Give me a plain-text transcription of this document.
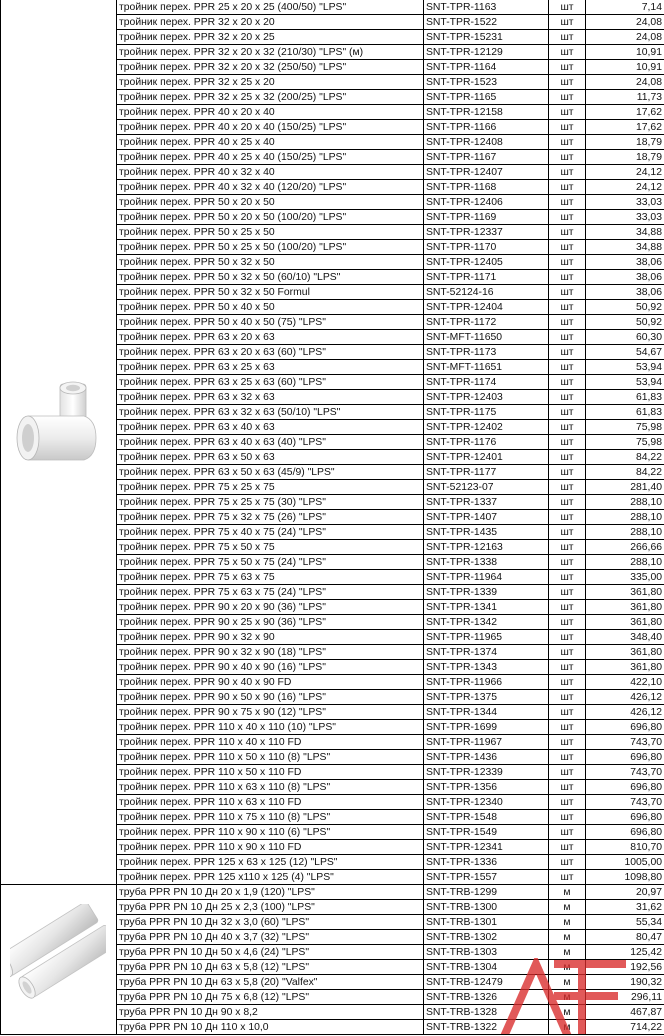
	тройник перех. PPR 25 x 20 x 25 (400/50) "LPS"	SNT-TPR-1163	шт	7,14
	тройник перех. PPR 32 x 20 x 20	SNT-TPR-1522	шт	24,08
	тройник перех. PPR 32 x 20 x 25	SNT-TPR-15231	шт	24,08
	тройник перех. PPR 32 x 20 x 32 (210/30) "LPS" (м)	SNT-TPR-12129	шт	10,91
	тройник перех. PPR 32 x 20 x 32 (250/50) "LPS"	SNT-TPR-1164	шт	10,91
	тройник перех. PPR 32 x 25 x 20	SNT-TPR-1523	шт	24,08
	тройник перех. PPR 32 x 25 x 32 (200/25) "LPS"	SNT-TPR-1165	шт	11,73
	тройник перех. PPR 40 x 20 x 40	SNT-TPR-12158	шт	17,62
	тройник перех. PPR 40 x 20 x 40 (150/25) "LPS"	SNT-TPR-1166	шт	17,62
	тройник перех. PPR 40 x 25 x 40	SNT-TPR-12408	шт	18,79
	тройник перех. PPR 40 x 25 x 40 (150/25) "LPS"	SNT-TPR-1167	шт	18,79
	тройник перех. PPR 40 x 32 x 40	SNT-TPR-12407	шт	24,12
	тройник перех. PPR 40 x 32 x 40 (120/20) "LPS"	SNT-TPR-1168	шт	24,12
	тройник перех. PPR 50 x 20 x 50	SNT-TPR-12406	шт	33,03
	тройник перех. PPR 50 x 20 x 50 (100/20) "LPS"	SNT-TPR-1169	шт	33,03
	тройник перех. PPR 50 x 25 x 50	SNT-TPR-12337	шт	34,88
	тройник перех. PPR 50 x 25 x 50 (100/20) "LPS"	SNT-TPR-1170	шт	34,88
	тройник перех. PPR 50 x 32 x 50	SNT-TPR-12405	шт	38,06
	тройник перех. PPR 50 x 32 x 50 (60/10) "LPS"	SNT-TPR-1171	шт	38,06
	тройник перех. PPR 50 x 32 x 50 Formul	SNT-52124-16	шт	38,06
	тройник перех. PPR 50 x 40 x 50	SNT-TPR-12404	шт	50,92
	тройник перех. PPR 50 x 40 x 50 (75) "LPS"	SNT-TPR-1172	шт	50,92
	тройник перех. PPR 63 x 20 x 63	SNT-MFT-11650	шт	60,30
	тройник перех. PPR 63 x 20 x 63 (60) "LPS"	SNT-TPR-1173	шт	54,67
	тройник перех. PPR 63 x 25 x 63	SNT-MFT-11651	шт	53,94
	тройник перех. PPR 63 x 25 x 63 (60) "LPS"	SNT-TPR-1174	шт	53,94
	тройник перех. PPR 63 x 32 x 63	SNT-TPR-12403	шт	61,83
	тройник перех. PPR 63 x 32 x 63 (50/10) "LPS"	SNT-TPR-1175	шт	61,83
	тройник перех. PPR 63 x 40 x 63	SNT-TPR-12402	шт	75,98
	тройник перех. PPR 63 x 40 x 63 (40) "LPS"	SNT-TPR-1176	шт	75,98
	тройник перех. PPR 63 x 50 x 63	SNT-TPR-12401	шт	84,22
	тройник перех. PPR 63 x 50 x 63 (45/9) "LPS"	SNT-TPR-1177	шт	84,22
	тройник перех. PPR 75 x 25 x 75	SNT-52123-07	шт	281,40
	тройник перех. PPR 75 x 25 x 75 (30) "LPS"	SNT-TPR-1337	шт	288,10
	тройник перех. PPR 75 x 32 x 75 (26) "LPS"	SNT-TPR-1407	шт	288,10
	тройник перех. PPR 75 x 40 x 75 (24) "LPS"	SNT-TPR-1435	шт	288,10
	тройник перех. PPR 75 x 50 x 75	SNT-TPR-12163	шт	266,66
	тройник перех. PPR 75 x 50 x 75 (24) "LPS"	SNT-TPR-1338	шт	288,10
	тройник перех. PPR 75 x 63 x 75	SNT-TPR-11964	шт	335,00
	тройник перех. PPR 75 x 63 x 75 (24) "LPS"	SNT-TPR-1339	шт	361,80
	тройник перех. PPR 90 x 20 x 90 (36) "LPS"	SNT-TPR-1341	шт	361,80
	тройник перех. PPR 90 x 25 x 90 (36) "LPS"	SNT-TPR-1342	шт	361,80
	тройник перех. PPR 90 x 32 x 90	SNT-TPR-11965	шт	348,40
	тройник перех. PPR 90 x 32 x 90 (18) "LPS"	SNT-TPR-1374	шт	361,80
	тройник перех. PPR 90 x 40 x 90 (16) "LPS"	SNT-TPR-1343	шт	361,80
	тройник перех. PPR 90 x 40 x 90 FD	SNT-TPR-11966	шт	422,10
	тройник перех. PPR 90 x 50 x 90 (16) "LPS"	SNT-TPR-1375	шт	426,12
	тройник перех. PPR 90 x 75 x 90 (12) "LPS"	SNT-TPR-1344	шт	426,12
	тройник перех. PPR 110 x 40 x 110 (10) "LPS"	SNT-TPR-1699	шт	696,80
	тройник перех. PPR 110 x 40 x 110 FD	SNT-TPR-11967	шт	743,70
	тройник перех. PPR 110 x 50 x 110 (8) "LPS"	SNT-TPR-1436	шт	696,80
	тройник перех. PPR 110 x 50 x 110 FD	SNT-TPR-12339	шт	743,70
	тройник перех. PPR 110 x 63 x 110 (8) "LPS"	SNT-TPR-1356	шт	696,80
	тройник перех. PPR 110 x 63 x 110 FD	SNT-TPR-12340	шт	743,70
	тройник перех. PPR 110 x 75 x 110 (8) "LPS"	SNT-TPR-1548	шт	696,80
	тройник перех. PPR 110 x 90 x 110 (6) "LPS"	SNT-TPR-1549	шт	696,80
	тройник перех. PPR 110 x 90 x 110 FD	SNT-TPR-12341	шт	810,70
	тройник перех. PPR 125 x 63 x 125 (12) "LPS"	SNT-TPR-1336	шт	1005,00
	тройник перех. PPR 125 x110 x 125 (4) "LPS"	SNT-TPR-1557	шт	1098,80
	труба PPR PN 10 Дн 20 x 1,9 (120) "LPS"	SNT-TRB-1299	м	20,97
	труба PPR PN 10 Дн 25 x 2,3 (100) "LPS"	SNT-TRB-1300	м	31,62
	труба PPR PN 10 Дн 32 x 3,0 (60) "LPS"	SNT-TRB-1301	м	55,34
	труба PPR PN 10 Дн 40 x 3,7 (32) "LPS"	SNT-TRB-1302	м	80,47
	труба PPR PN 10 Дн 50 x 4,6 (24) "LPS"	SNT-TRB-1303	м	125,42
	труба PPR PN 10 Дн 63 x 5,8 (12) "LPS"	SNT-TRB-1304	м	192,56
	труба PPR PN 10 Дн 63 x 5,8 (20) "Valfex"	SNT-TRB-12479	м	190,32
	труба PPR PN 10 Дн 75 x 6,8 (12) "LPS"	SNT-TRB-1326	м	296,11
	труба PPR PN 10 Дн 90 x 8,2	SNT-TRB-1328	м	467,87
	труба PPR PN 10 Дн 110 x 10,0	SNT-TRB-1322	м	714,22
